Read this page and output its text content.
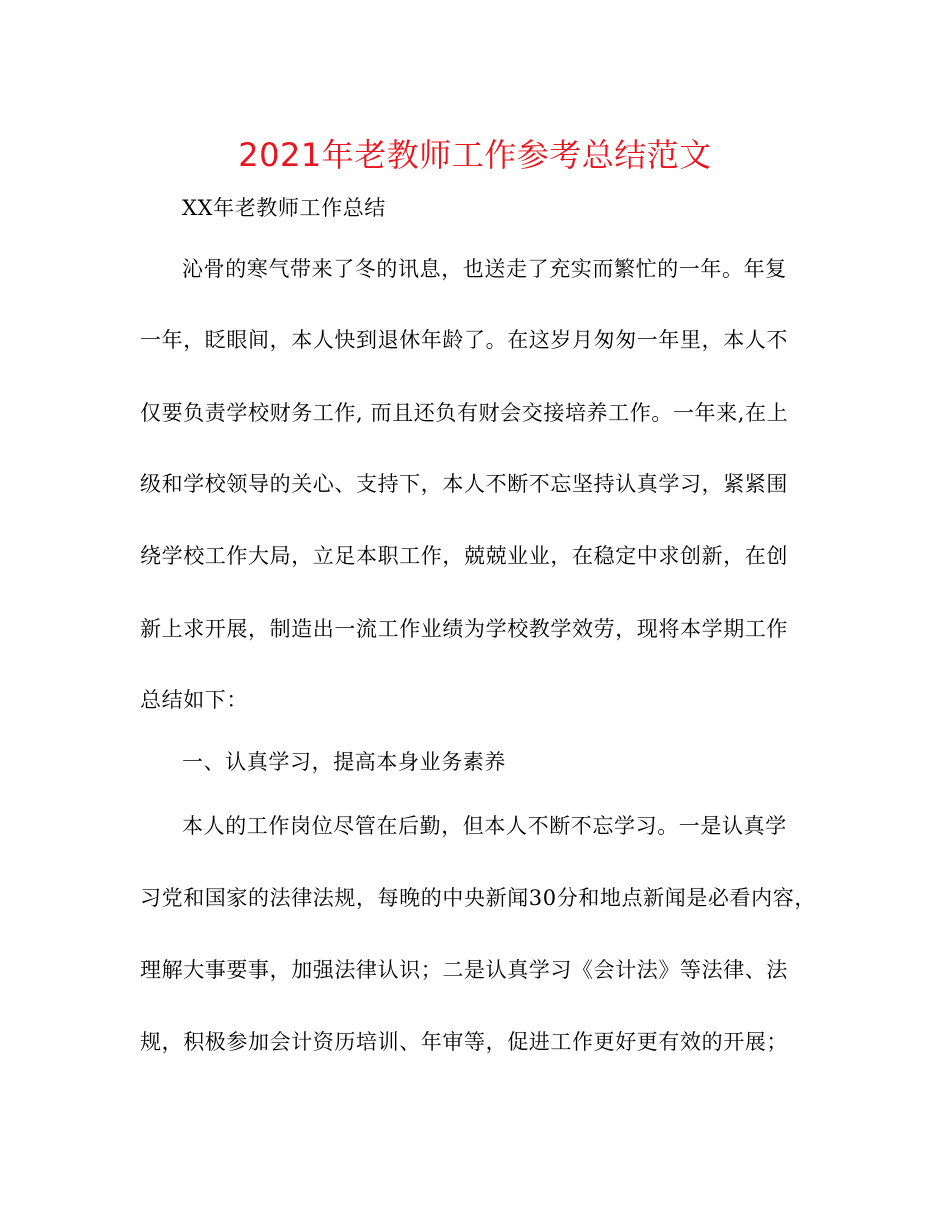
2021年老教师工作参考总结范文
XX年老教师工作总结
沁骨的寒气带来了冬的讯息，也送走了充实而繁忙的一年。年复
一年，眨眼间，本人快到退休年龄了。在这岁月匆匆一年里，本人不
仅要负责学校财务工作, 而且还负有财会交接培养工作。一年来,在上
级和学校领导的关心、支持下，本人不断不忘坚持认真学习，紧紧围
绕学校工作大局，立足本职工作，兢兢业业，在稳定中求创新，在创
新上求开展，制造出一流工作业绩为学校教学效劳，现将本学期工作
总结如下：
一、认真学习，提高本身业务素养
本人的工作岗位尽管在后勤，但本人不断不忘学习。一是认真学
习党和国家的法律法规，每晚的中央新闻30分和地点新闻是必看内容，
理解大事要事，加强法律认识；二是认真学习《会计法》等法律、法
规，积极参加会计资历培训、年审等，促进工作更好更有效的开展；
